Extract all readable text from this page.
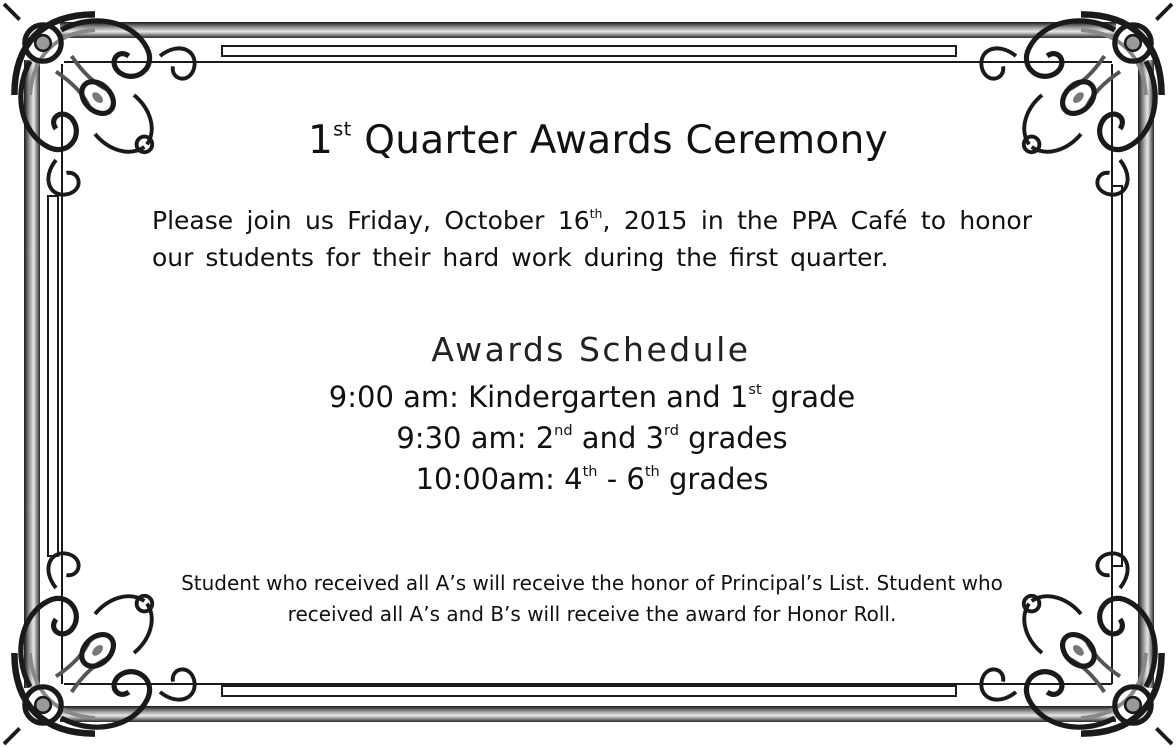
1st Quarter Awards Ceremony

Please join us Friday, October 16th, 2015 in the PPA Café to honor our students for their hard work during the first quarter.

Awards Schedule
9:00 am: Kindergarten and 1st grade
9:30 am: 2nd and 3rd grades
10:00am: 4th - 6th grades

Student who received all A’s will receive the honor of Principal’s List. Student who received all A’s and B’s will receive the award for Honor Roll.
